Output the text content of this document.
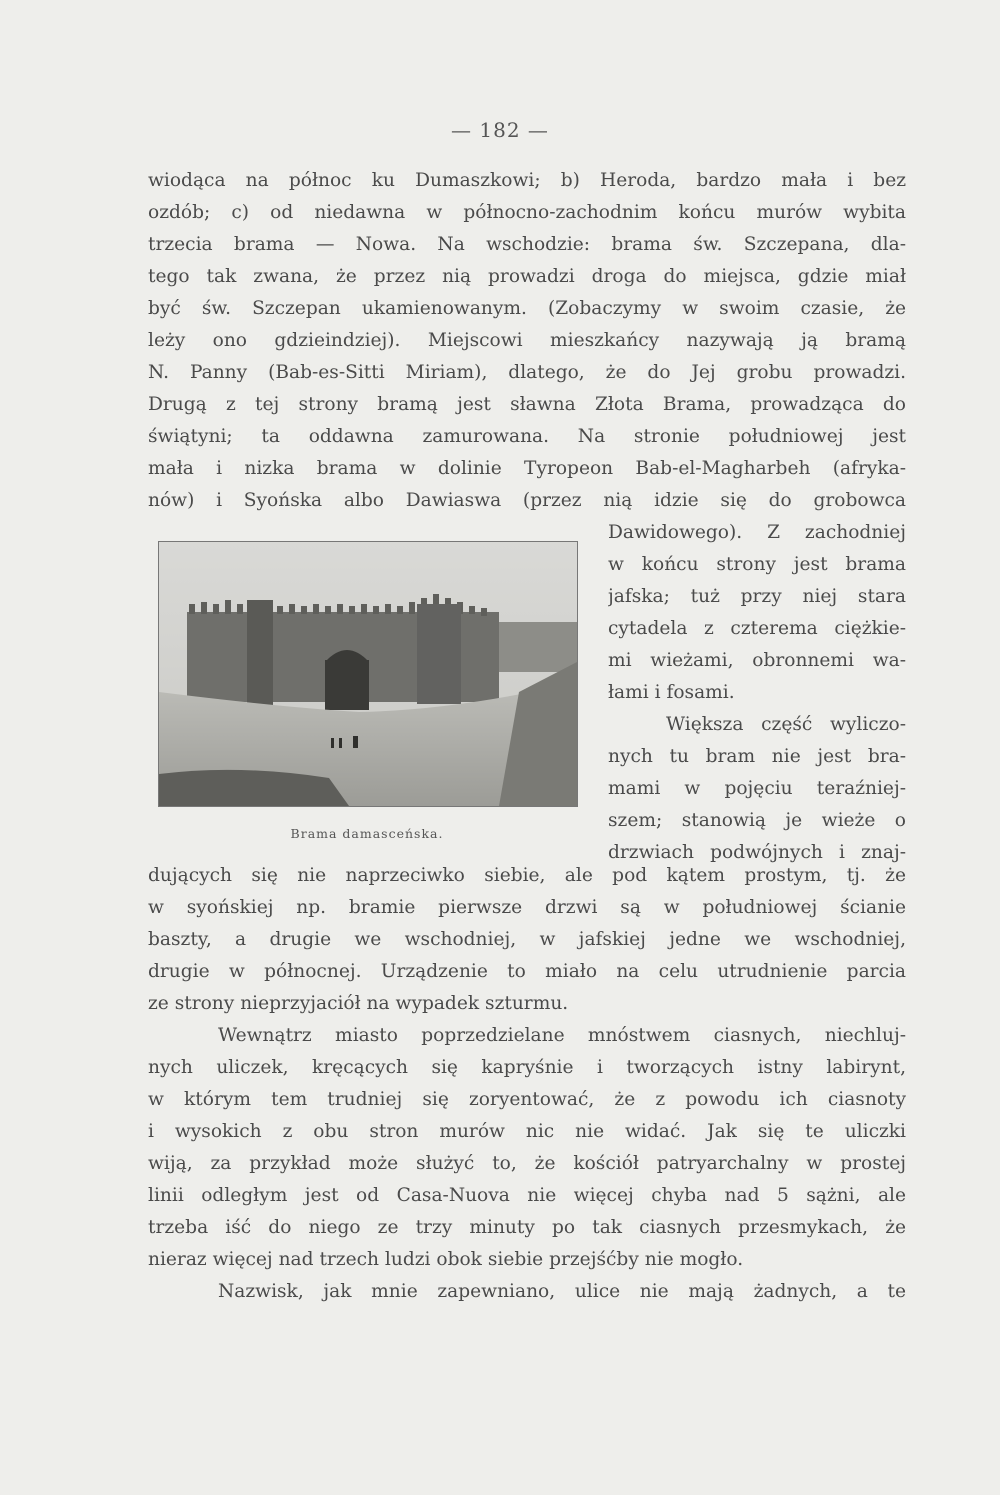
— 182 —
wiodąca na północ ku Dumaszkowi; b) Heroda, bardzo mała i bez
ozdób; c) od niedawna w północno-zachodnim końcu murów wybita
trzecia brama — Nowa. Na wschodzie: brama św. Szczepana, dla-
tego tak zwana, że przez nią prowadzi droga do miejsca, gdzie miał
być św. Szczepan ukamienowanym. (Zobaczymy w swoim czasie, że
leży ono gdzieindziej). Miejscowi mieszkańcy nazywają ją bramą
N. Panny (Bab-es-Sitti Miriam), dlatego, że do Jej grobu prowadzi.
Drugą z tej strony bramą jest sławna Złota Brama, prowadząca do
świątyni; ta oddawna zamurowana. Na stronie południowej jest
mała i nizka brama w dolinie Tyropeon Bab-el-Magharbeh (afryka-
nów) i Syońska albo Dawiaswa (przez nią idzie się do grobowca
Brama damasceńska.
Dawidowego). Z zachodniej
w końcu strony jest brama
jafska; tuż przy niej stara
cytadela z czterema ciężkie-
mi wieżami, obronnemi wa-
łami i fosami.
Większa część wyliczo-
nych tu bram nie jest bra-
mami w pojęciu teraźniej-
szem; stanowią je wieże o
drzwiach podwójnych i znaj-
dujących się nie naprzeciwko siebie, ale pod kątem prostym, tj. że
w syońskiej np. bramie pierwsze drzwi są w południowej ścianie
baszty, a drugie we wschodniej, w jafskiej jedne we wschodniej,
drugie w północnej. Urządzenie to miało na celu utrudnienie parcia
ze strony nieprzyjaciół na wypadek szturmu.
Wewnątrz miasto poprzedzielane mnóstwem ciasnych, niechluj-
nych uliczek, kręcących się kapryśnie i tworzących istny labirynt,
w którym tem trudniej się zoryentować, że z powodu ich ciasnoty
i wysokich z obu stron murów nic nie widać. Jak się te uliczki
wiją, za przykład może służyć to, że kościół patryarchalny w prostej
linii odległym jest od Casa-Nuova nie więcej chyba nad 5 sążni, ale
trzeba iść do niego ze trzy minuty po tak ciasnych przesmykach, że
nieraz więcej nad trzech ludzi obok siebie przejśćby nie mogło.
Nazwisk, jak mnie zapewniano, ulice nie mają żadnych, a te
